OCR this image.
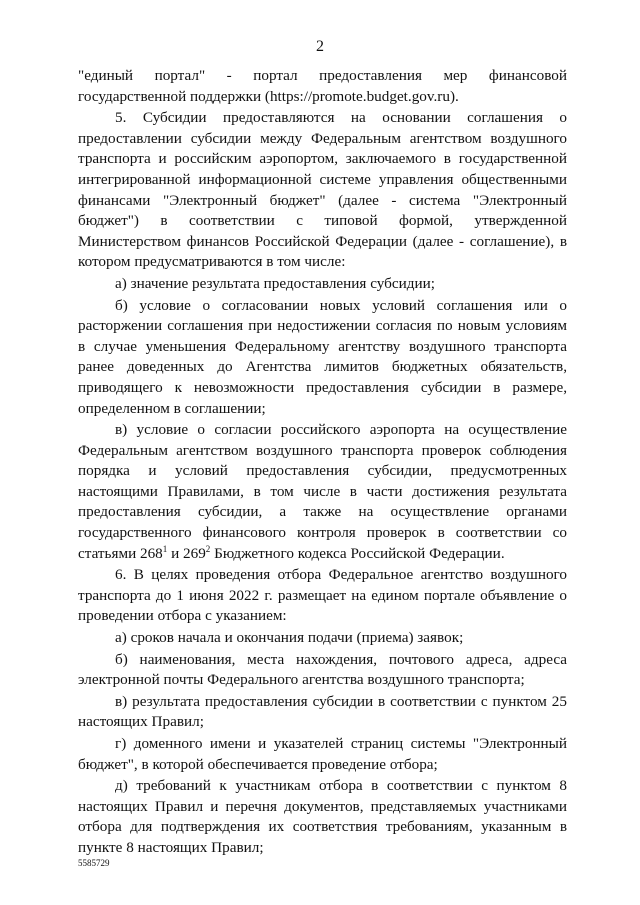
2

"единый портал" - портал предоставления мер финансовой государственной поддержки (https://promote.budget.gov.ru).

5. Субсидии предоставляются на основании соглашения о предоставлении субсидии между Федеральным агентством воздушного транспорта и российским аэропортом, заключаемого в государственной интегрированной информационной системе управления общественными финансами "Электронный бюджет" (далее - система "Электронный бюджет") в соответствии с типовой формой, утвержденной Министерством финансов Российской Федерации (далее - соглашение), в котором предусматриваются в том числе:

а) значение результата предоставления субсидии;

б) условие о согласовании новых условий соглашения или о расторжении соглашения при недостижении согласия по новым условиям в случае уменьшения Федеральному агентству воздушного транспорта ранее доведенных до Агентства лимитов бюджетных обязательств, приводящего к невозможности предоставления субсидии в размере, определенном в соглашении;

в) условие о согласии российского аэропорта на осуществление Федеральным агентством воздушного транспорта проверок соблюдения порядка и условий предоставления субсидии, предусмотренных настоящими Правилами, в том числе в части достижения результата предоставления субсидии, а также на осуществление органами государственного финансового контроля проверок в соответствии со статьями $268^1$ и $269^2$ Бюджетного кодекса Российской Федерации.

6. В целях проведения отбора Федеральное агентство воздушного транспорта до 1 июня 2022 г. размещает на едином портале объявление о проведении отбора с указанием:

а) сроков начала и окончания подачи (приема) заявок;

б) наименования, места нахождения, почтового адреса, адреса электронной почты Федерального агентства воздушного транспорта;

в) результата предоставления субсидии в соответствии с пунктом 25 настоящих Правил;

г) доменного имени и указателей страниц системы "Электронный бюджет", в которой обеспечивается проведение отбора;

д) требований к участникам отбора в соответствии с пунктом 8 настоящих Правил и перечня документов, представляемых участниками отбора для подтверждения их соответствия требованиям, указанным в пункте 8 настоящих Правил;

5585729
